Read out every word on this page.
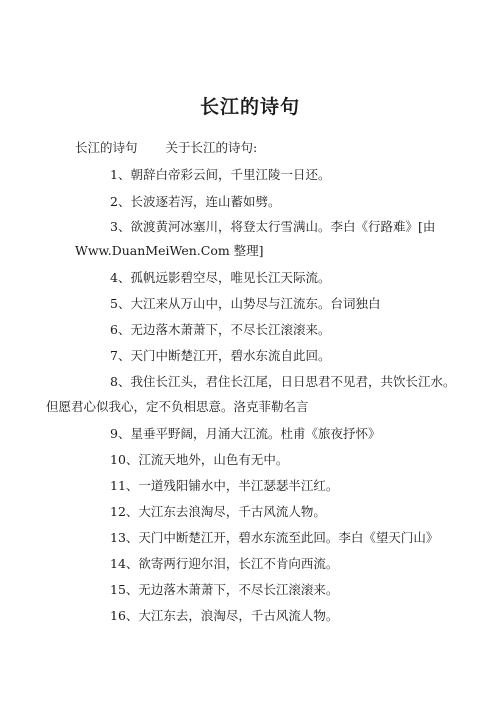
长江的诗句
长江的诗句 关于长江的诗句:
1、朝辞白帝彩云间，千里江陵一日还。
2、长波逐若泻，连山蓄如劈。
3、欲渡黄河冰塞川，将登太行雪满山。李白《行路难》[由
Www.DuanMeiWen.Com 整理]
4、孤帆远影碧空尽，唯见长江天际流。
5、大江来从万山中，山势尽与江流东。台词独白
6、无边落木萧萧下，不尽长江滚滚来。
7、天门中断楚江开，碧水东流自此回。
8、我住长江头，君住长江尾，日日思君不见君，共饮长江水。
但愿君心似我心，定不负相思意。洛克菲勒名言
9、星垂平野阔，月涌大江流。杜甫《旅夜抒怀》
10、江流天地外，山色有无中。
11、一道残阳铺水中，半江瑟瑟半江红。
12、大江东去浪淘尽，千古风流人物。
13、天门中断楚江开，碧水东流至此回。李白《望天门山》
14、欲寄两行迎尔泪，长江不肯向西流。
15、无边落木萧萧下，不尽长江滚滚来。
16、大江东去，浪淘尽，千古风流人物。
